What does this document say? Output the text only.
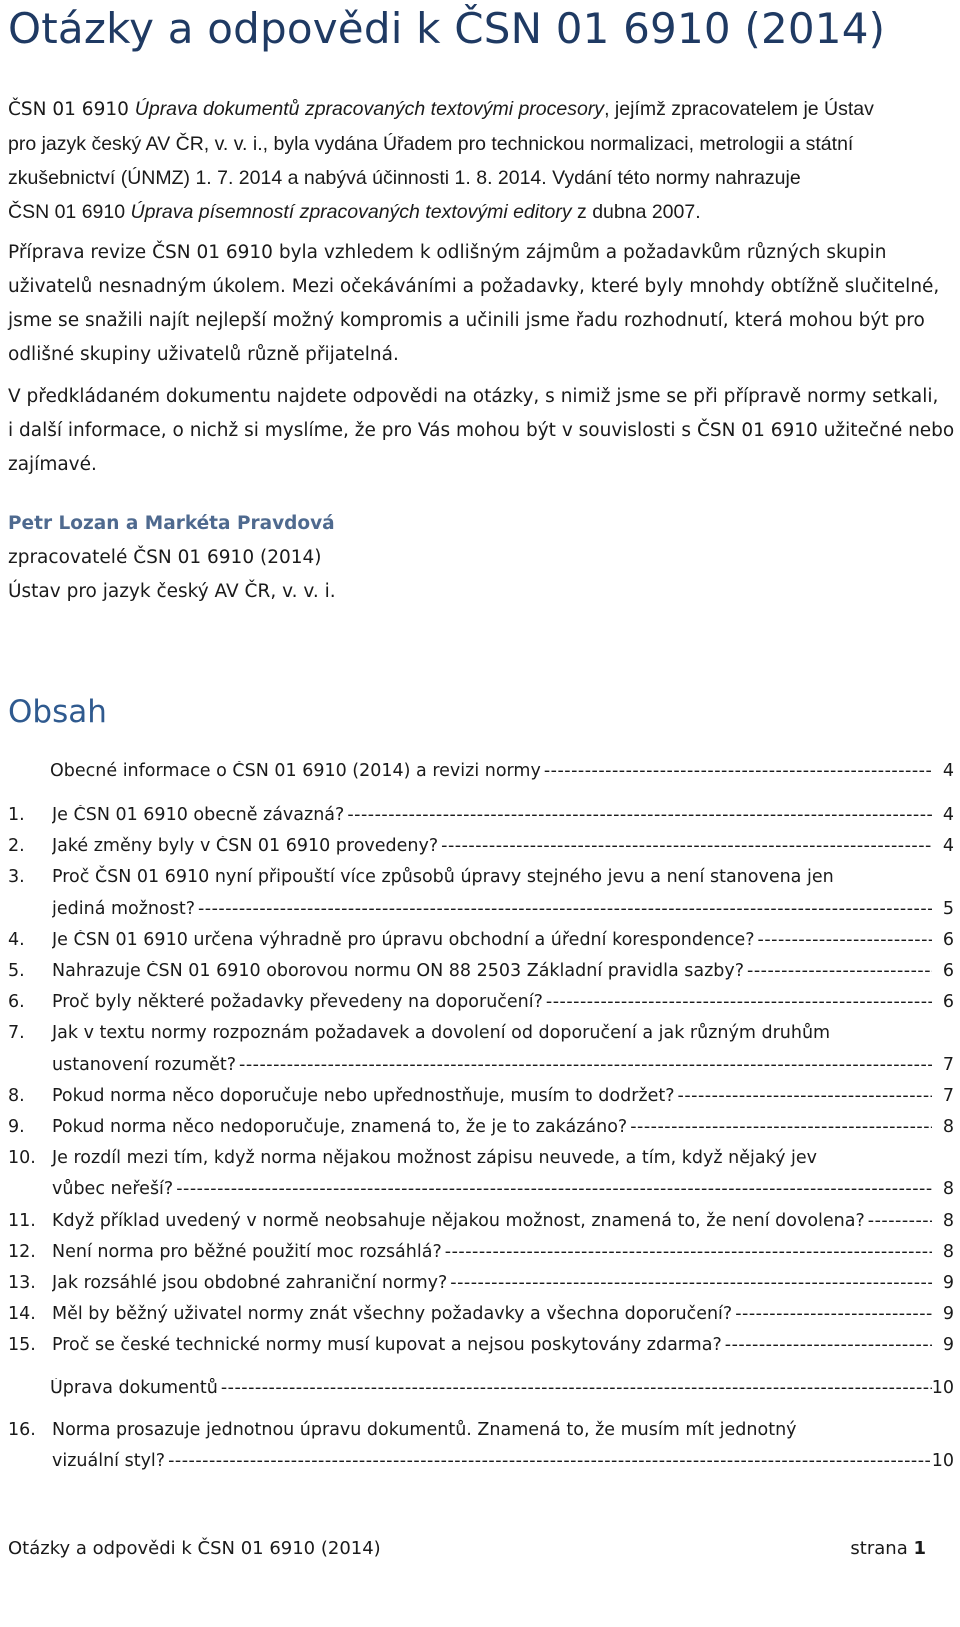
Otázky a odpovědi k ČSN 01 6910 (2014)
ČSN 01 6910 Úprava dokumentů zpracovaných textovými procesory, jejímž zpracovatelem je Ústav
pro jazyk český AV ČR, v. v. i., byla vydána Úřadem pro technickou normalizaci, metrologii a státní
zkušebnictví (ÚNMZ) 1. 7. 2014 a nabývá účinnosti 1. 8. 2014. Vydání této normy nahrazuje
ČSN 01 6910 Úprava písemností zpracovaných textovými editory z dubna 2007.
Příprava revize ČSN 01 6910 byla vzhledem k odlišným zájmům a požadavkům různých skupin
uživatelů nesnadným úkolem. Mezi očekáváními a požadavky, které byly mnohdy obtížně slučitelné,
jsme se snažili najít nejlepší možný kompromis a učinili jsme řadu rozhodnutí, která mohou být pro
odlišné skupiny uživatelů různě přijatelná.
V předkládaném dokumentu najdete odpovědi na otázky, s nimiž jsme se při přípravě normy setkali,
i další informace, o nichž si myslíme, že pro Vás mohou být v souvislosti s ČSN 01 6910 užitečné nebo
zajímavé.
Petr Lozan a Markéta Pravdová
zpracovatelé ČSN 01 6910 (2014)
Ústav pro jazyk český AV ČR, v. v. i.
Obsah
Obecné informace o ČSN 01 6910 (2014) a revizi normy -----	4
1. Je ČSN 01 6910 obecně závazná? -----	4
2. Jaké změny byly v ČSN 01 6910 provedeny? -----	4
3. Proč ČSN 01 6910 nyní připouští více způsobů úpravy stejného jevu a není stanovena jen
jediná možnost? -----	5
4. Je ČSN 01 6910 určena výhradně pro úpravu obchodní a úřední korespondence? -----	6
5. Nahrazuje ČSN 01 6910 oborovou normu ON 88 2503 Základní pravidla sazby? -----	6
6. Proč byly některé požadavky převedeny na doporučení? -----	6
7. Jak v textu normy rozpoznám požadavek a dovolení od doporučení a jak různým druhům
ustanovení rozumět? -----	7
8. Pokud norma něco doporučuje nebo upřednostňuje, musím to dodržet? -----	7
9. Pokud norma něco nedoporučuje, znamená to, že je to zakázáno? -----	8
10. Je rozdíl mezi tím, když norma nějakou možnost zápisu neuvede, a tím, když nějaký jev
vůbec neřeší? -----	8
11. Když příklad uvedený v normě neobsahuje nějakou možnost, znamená to, že není dovolena? -----	8
12. Není norma pro běžné použití moc rozsáhlá? -----	8
13. Jak rozsáhlé jsou obdobné zahraniční normy? -----	9
14. Měl by běžný uživatel normy znát všechny požadavky a všechna doporučení? -----	9
15. Proč se české technické normy musí kupovat a nejsou poskytovány zdarma? -----	9
Úprava dokumentů -----	10
16. Norma prosazuje jednotnou úpravu dokumentů. Znamená to, že musím mít jednotný
vizuální styl? -----	10
Otázky a odpovědi k ČSN 01 6910 (2014)	strana 1
